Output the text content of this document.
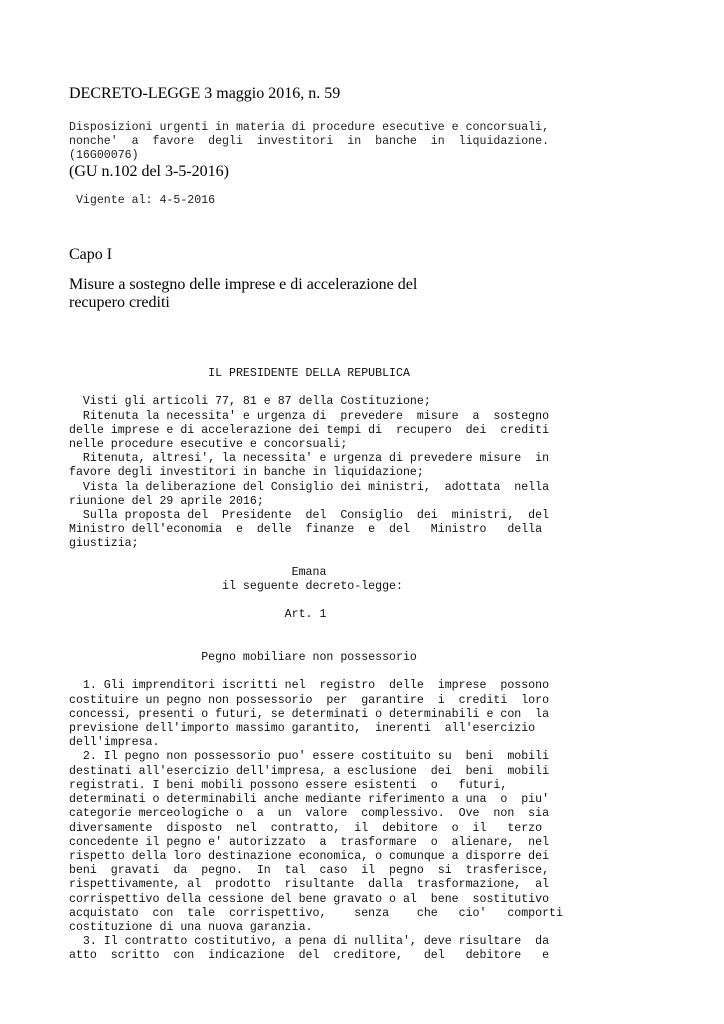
DECRETO-LEGGE 3 maggio 2016, n. 59
Disposizioni urgenti in materia di procedure esecutive e concorsuali,
nonche'  a  favore  degli  investitori  in  banche  in  liquidazione.
(16G00076)
(GU n.102 del 3-5-2016)
Vigente al: 4-5-2016
Capo I
Misure a sostegno delle imprese e di accelerazione del recupero crediti
IL PRESIDENTE DELLA REPUBLICA

Visti gli articoli 77, 81 e 87 della Costituzione;
Ritenuta la necessita' e urgenza di  prevedere  misure  a  sostegno
delle imprese e di accelerazione dei tempi di  recupero  dei  crediti
nelle procedure esecutive e concorsuali;
Ritenuta, altresi', la necessita' e urgenza di prevedere misure  in
favore degli investitori in banche in liquidazione;
Vista la deliberazione del Consiglio dei ministri,  adottata  nella
riunione del 29 aprile 2016;
Sulla proposta del  Presidente  del  Consiglio  dei  ministri,  del
Ministro dell'economia  e  delle  finanze  e  del   Ministro   della
giustizia;

Emana
il seguente decreto-legge:

Art. 1

Pegno mobiliare non possessorio

1. Gli imprenditori iscritti nel  registro  delle  imprese  possono
costituire un pegno non possessorio  per  garantire  i  crediti  loro
concessi, presenti o futuri, se determinati o determinabili e con  la
previsione dell'importo massimo garantito,  inerenti  all'esercizio
dell'impresa.
2. Il pegno non possessorio puo' essere costituito su  beni  mobili
destinati all'esercizio dell'impresa, a esclusione  dei  beni  mobili
registrati. I beni mobili possono essere esistenti  o   futuri,
determinati o determinabili anche mediante riferimento a una  o  piu'
categorie merceologiche o  a  un  valore  complessivo.  Ove  non  sia
diversamente  disposto  nel  contratto,  il  debitore  o  il   terzo
concedente il pegno e' autorizzato  a  trasformare  o  alienare,  nel
rispetto della loro destinazione economica, o comunque a disporre dei
beni  gravati  da  pegno.  In  tal  caso  il  pegno  si  trasferisce,
rispettivamente, al  prodotto  risultante  dalla  trasformazione,  al
corrispettivo della cessione del bene gravato o al  bene  sostitutivo
acquistato  con  tale  corrispettivo,    senza    che   cio'   comporti
costituzione di una nuova garanzia.
3. Il contratto costitutivo, a pena di nullita', deve risultare  da
atto  scritto  con  indicazione  del  creditore,   del   debitore   e
